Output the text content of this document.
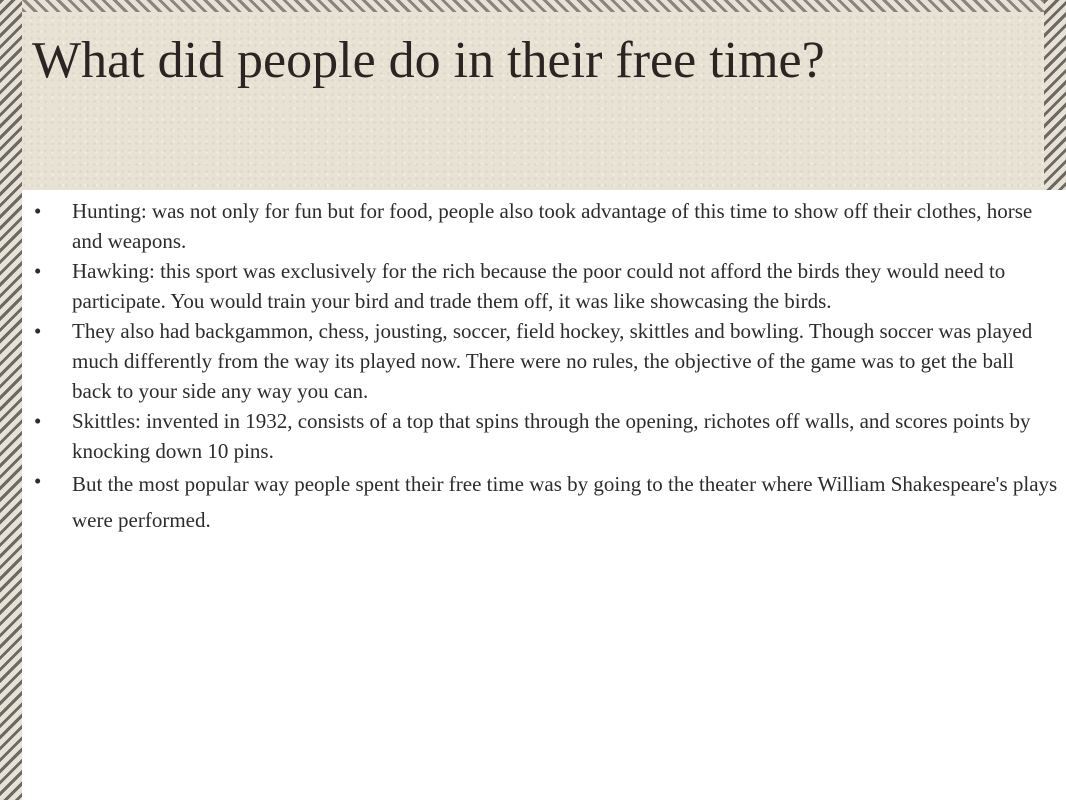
What did people do in their free time?
• Hunting: was not only for fun but for food, people also took advantage of this time to show off their clothes, horse and weapons.
• Hawking: this sport was exclusively for the rich because the poor could not afford the birds they would need to participate. You would train your bird and trade them off, it was like showcasing the birds.
• They also had backgammon, chess, jousting, soccer, field hockey, skittles and bowling. Though soccer was played much differently from the way its played now. There were no rules, the objective of the game was to get the ball back to your side any way you can.
• Skittles: invented in 1932, consists of a top that spins through the opening, richotes off walls, and scores points by knocking down 10 pins.
• But the most popular way people spent their free time was by going to the theater where William Shakespeare's plays were performed.
